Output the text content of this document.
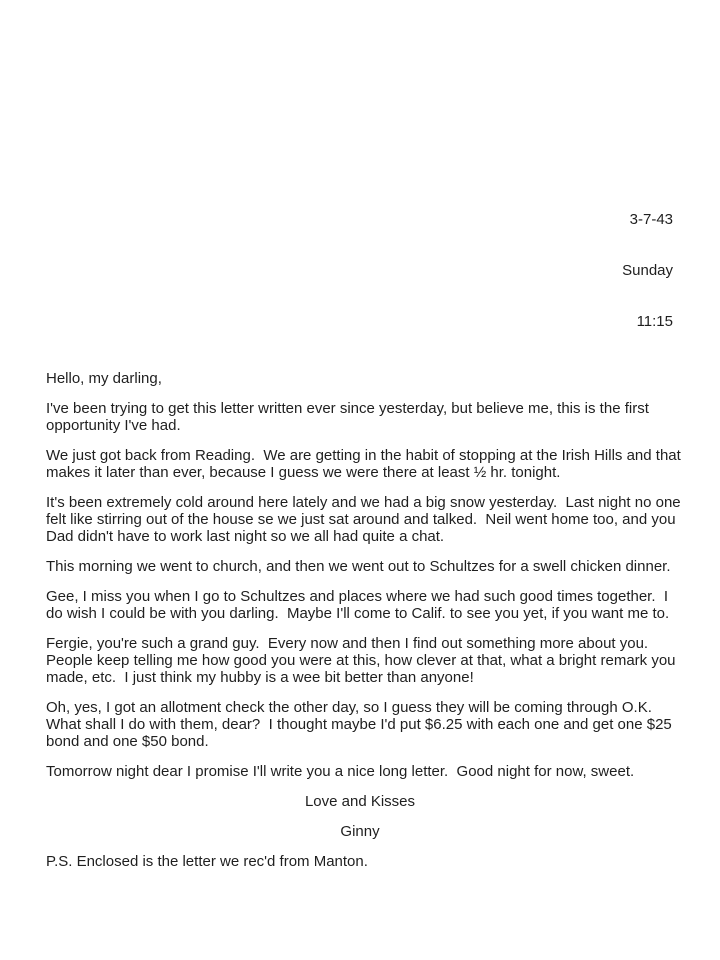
3-7-43

Sunday

11:15

Hello, my darling,

I've been trying to get this letter written ever since yesterday, but believe me, this is the first opportunity I've had.

We just got back from Reading.  We are getting in the habit of stopping at the Irish Hills and that makes it later than ever, because I guess we were there at least ½ hr. tonight.

It's been extremely cold around here lately and we had a big snow yesterday.  Last night no one felt like stirring out of the house se we just sat around and talked.  Neil went home too, and you Dad didn't have to work last night so we all had quite a chat.

This morning we went to church, and then we went out to Schultzes for a swell chicken dinner.

Gee, I miss you when I go to Schultzes and places where we had such good times together.  I do wish I could be with you darling.  Maybe I'll come to Calif. to see you yet, if you want me to.

Fergie, you're such a grand guy.  Every now and then I find out something more about you.  People keep telling me how good you were at this, how clever at that, what a bright remark you made, etc.  I just think my hubby is a wee bit better than anyone!

Oh, yes, I got an allotment check the other day, so I guess they will be coming through O.K.  What shall I do with them, dear?  I thought maybe I'd put $6.25 with each one and get one $25 bond and one $50 bond.

Tomorrow night dear I promise I'll write you a nice long letter.  Good night for now, sweet.

Love and Kisses

Ginny

P.S. Enclosed is the letter we rec'd from Manton.
